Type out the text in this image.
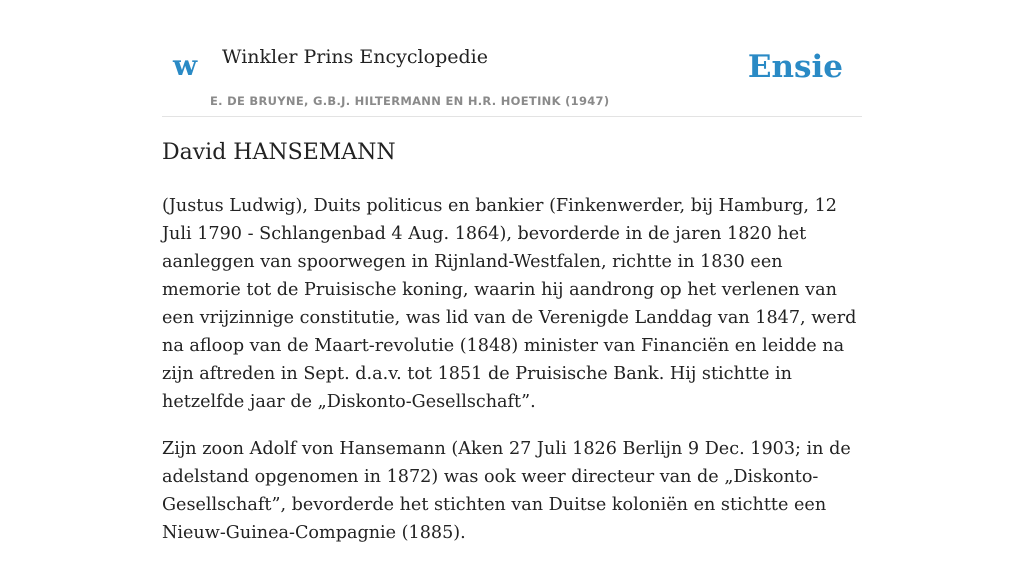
w Winkler Prins Encyclopedie
E. DE BRUYNE, G.B.J. HILTERMANN EN H.R. HOETINK (1947)
Ensie
David HANSEMANN

(Justus Ludwig), Duits politicus en bankier (Finkenwerder, bij Hamburg, 12 Juli 1790 - Schlangenbad 4 Aug. 1864), bevorderde in de jaren 1820 het aanleggen van spoorwegen in Rijnland-Westfalen, richtte in 1830 een memorie tot de Pruisische koning, waarin hij aandrong op het verlenen van een vrijzinnige constitutie, was lid van de Verenigde Landdag van 1847, werd na afloop van de Maart-revolutie (1848) minister van Financiën en leidde na zijn aftreden in Sept. d.a.v. tot 1851 de Pruisische Bank. Hij stichtte in hetzelfde jaar de „Diskonto-Gesellschaft”.

Zijn zoon Adolf von Hansemann (Aken 27 Juli 1826 Berlijn 9 Dec. 1903; in de adelstand opgenomen in 1872) was ook weer directeur van de „Diskonto-Gesellschaft”, bevorderde het stichten van Duitse koloniën en stichtte een Nieuw-Guinea-Compagnie (1885).
